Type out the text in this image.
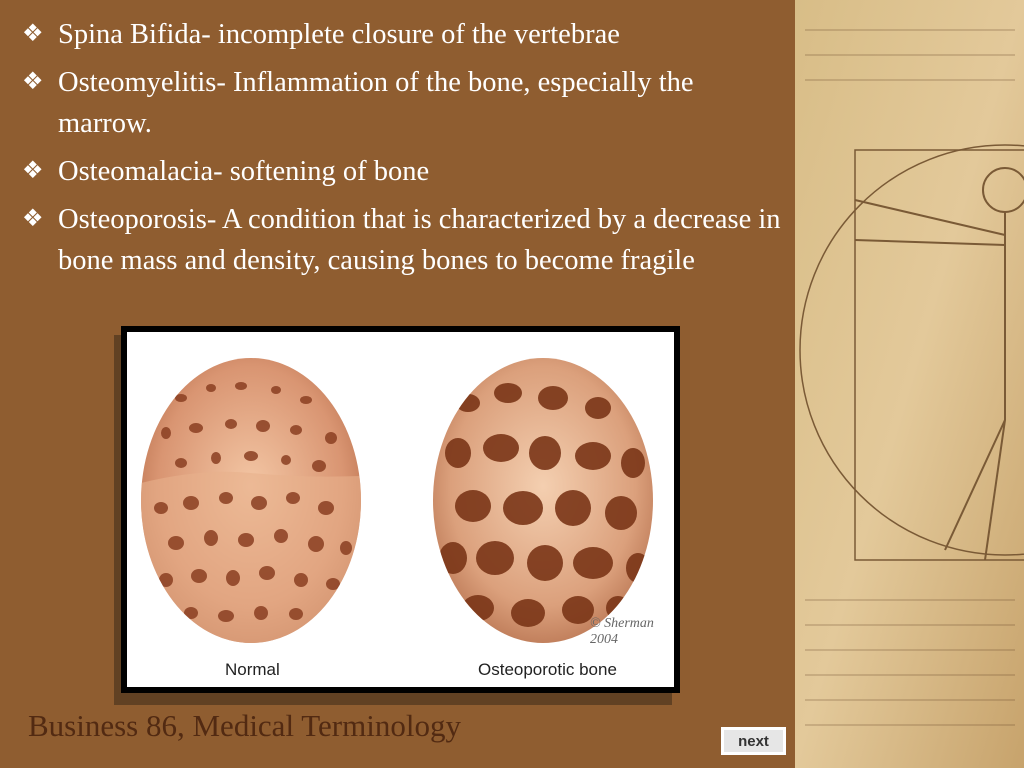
❖ Spina Bifida- incomplete closure of the vertebrae
❖ Osteomyelitis- Inflammation of the bone, especially the marrow.
❖ Osteomalacia- softening of bone
❖ Osteoporosis- A condition that is characterized by a decrease in bone mass and density, causing bones to become fragile
Normal	Osteoporotic bone
© Sherman 2004
Business 86, Medical Terminology	next
